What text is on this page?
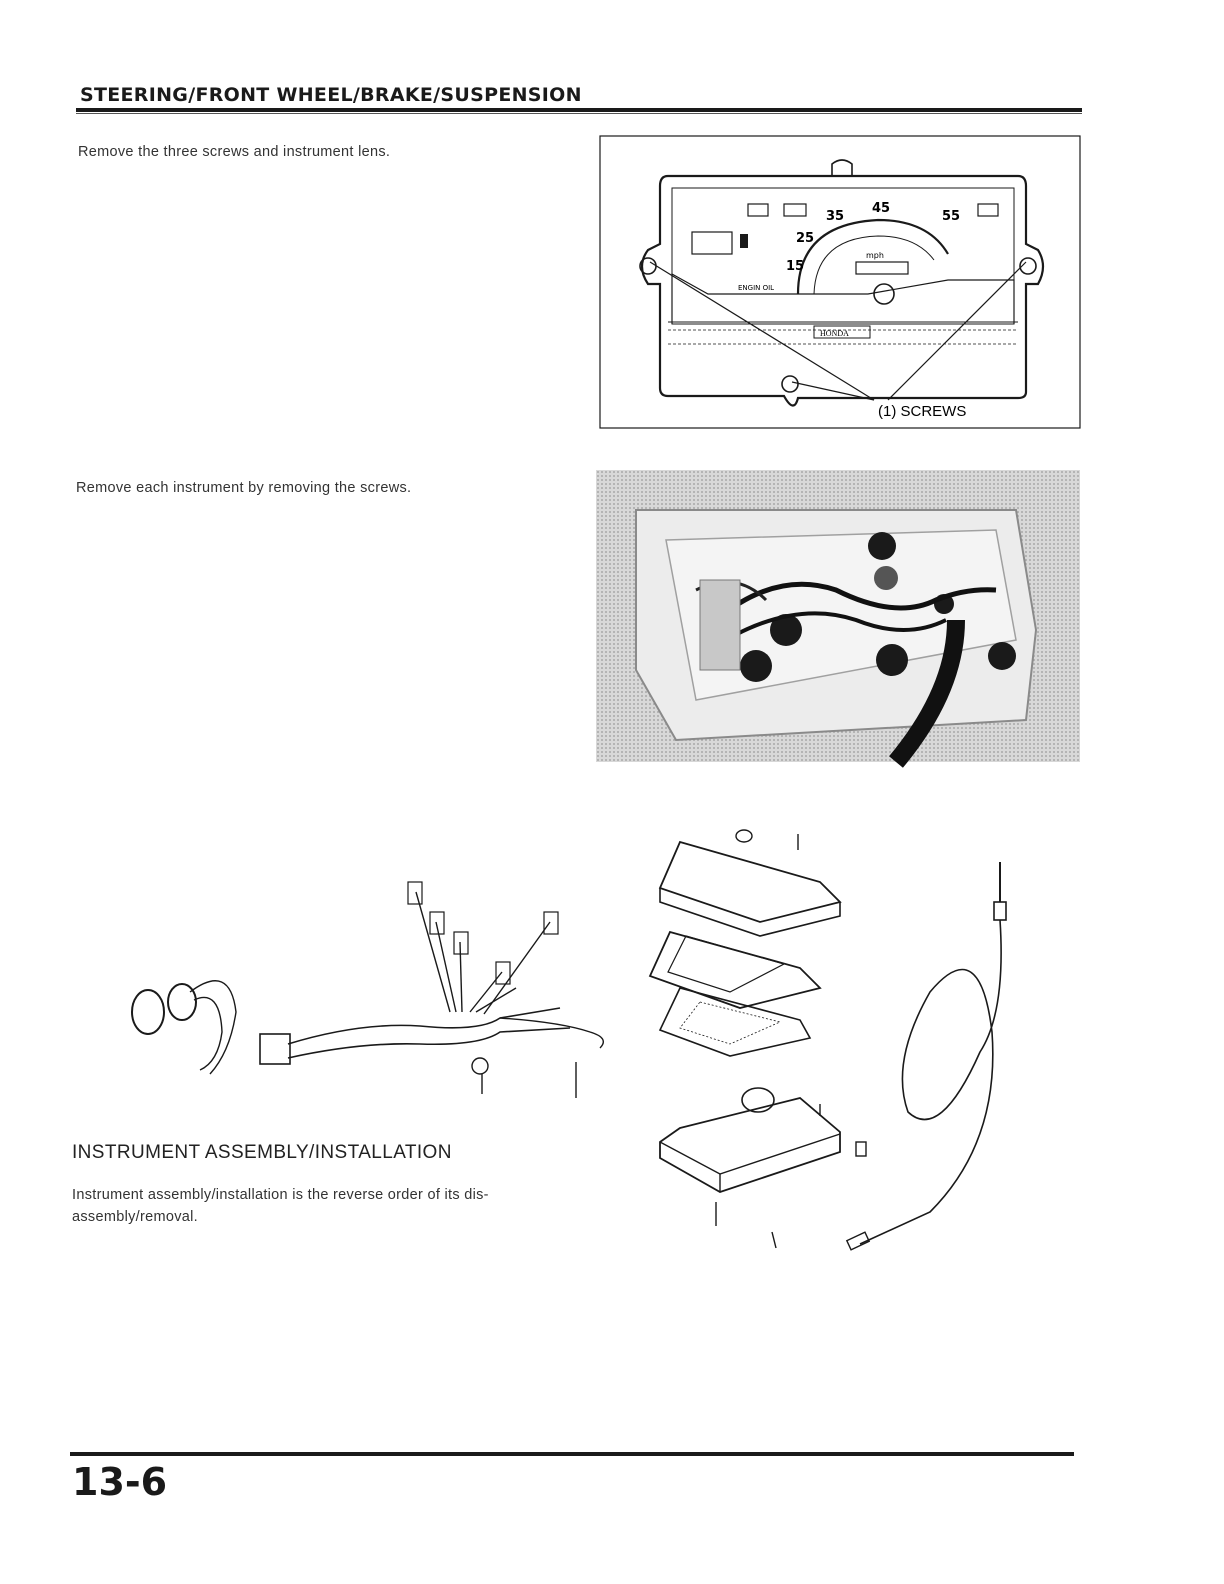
STEERING/FRONT WHEEL/BRAKE/SUSPENSION
Remove the three screws and instrument lens.
15
25
35
45
55
mph
ENGIN OIL
HONDA
(1) SCREWS
Remove each instrument by removing the screws.
INSTRUMENT ASSEMBLY/INSTALLATION
Instrument assembly/installation is the reverse order of its dis-
assembly/removal.
13-6
